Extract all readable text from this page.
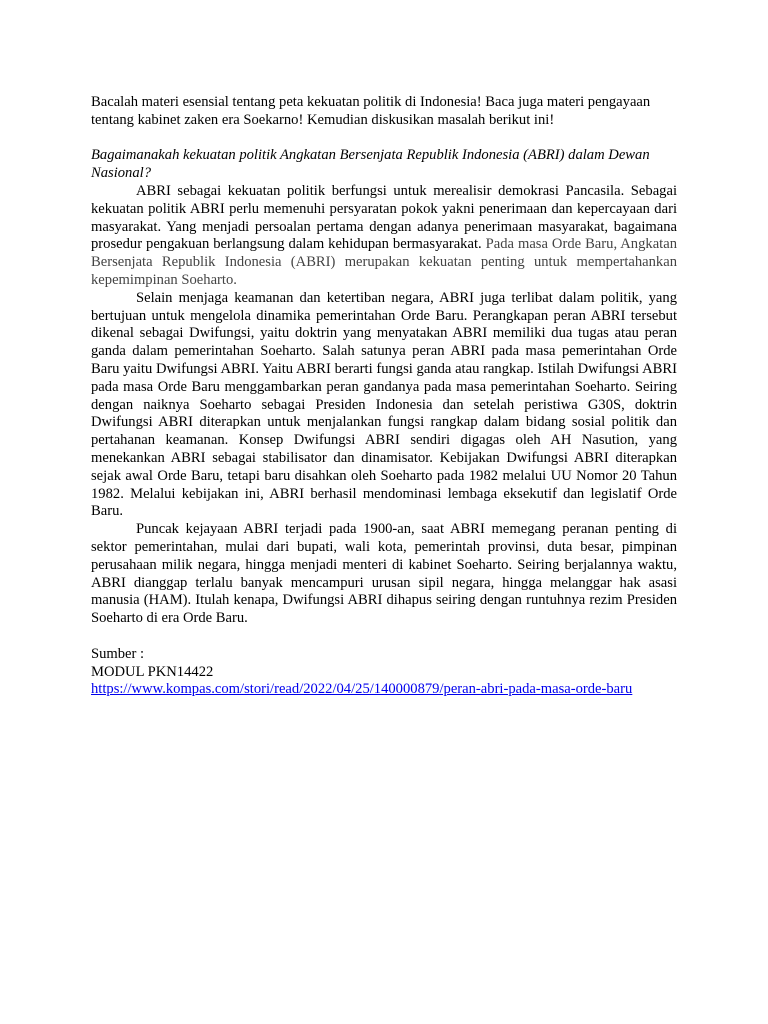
Bacalah materi esensial tentang peta kekuatan politik di Indonesia! Baca juga materi pengayaan tentang kabinet zaken era Soekarno! Kemudian diskusikan masalah berikut ini!

Bagaimanakah kekuatan politik Angkatan Bersenjata Republik Indonesia (ABRI) dalam Dewan Nasional?

ABRI sebagai kekuatan politik berfungsi untuk merealisir demokrasi Pancasila. Sebagai kekuatan politik ABRI perlu memenuhi persyaratan pokok yakni penerimaan dan kepercayaan dari masyarakat. Yang menjadi persoalan pertama dengan adanya penerimaan masyarakat, bagaimana prosedur pengakuan berlangsung dalam kehidupan bermasyarakat. Pada masa Orde Baru, Angkatan Bersenjata Republik Indonesia (ABRI) merupakan kekuatan penting untuk mempertahankan kepemimpinan Soeharto.

Selain menjaga keamanan dan ketertiban negara, ABRI juga terlibat dalam politik, yang bertujuan untuk mengelola dinamika pemerintahan Orde Baru. Perangkapan peran ABRI tersebut dikenal sebagai Dwifungsi, yaitu doktrin yang menyatakan ABRI memiliki dua tugas atau peran ganda dalam pemerintahan Soeharto. Salah satunya peran ABRI pada masa pemerintahan Orde Baru yaitu Dwifungsi ABRI. Yaitu ABRI berarti fungsi ganda atau rangkap. Istilah Dwifungsi ABRI pada masa Orde Baru menggambarkan peran gandanya pada masa pemerintahan Soeharto. Seiring dengan naiknya Soeharto sebagai Presiden Indonesia dan setelah peristiwa G30S, doktrin Dwifungsi ABRI diterapkan untuk menjalankan fungsi rangkap dalam bidang sosial politik dan pertahanan keamanan. Konsep Dwifungsi ABRI sendiri digagas oleh AH Nasution, yang menekankan ABRI sebagai stabilisator dan dinamisator. Kebijakan Dwifungsi ABRI diterapkan sejak awal Orde Baru, tetapi baru disahkan oleh Soeharto pada 1982 melalui UU Nomor 20 Tahun 1982. Melalui kebijakan ini, ABRI berhasil mendominasi lembaga eksekutif dan legislatif Orde Baru.

Puncak kejayaan ABRI terjadi pada 1900-an, saat ABRI memegang peranan penting di sektor pemerintahan, mulai dari bupati, wali kota, pemerintah provinsi, duta besar, pimpinan perusahaan milik negara, hingga menjadi menteri di kabinet Soeharto. Seiring berjalannya waktu, ABRI dianggap terlalu banyak mencampuri urusan sipil negara, hingga melanggar hak asasi manusia (HAM). Itulah kenapa, Dwifungsi ABRI dihapus seiring dengan runtuhnya rezim Presiden Soeharto di era Orde Baru.

Sumber :

MODUL PKN14422

https://www.kompas.com/stori/read/2022/04/25/140000879/peran-abri-pada-masa-orde-baru
